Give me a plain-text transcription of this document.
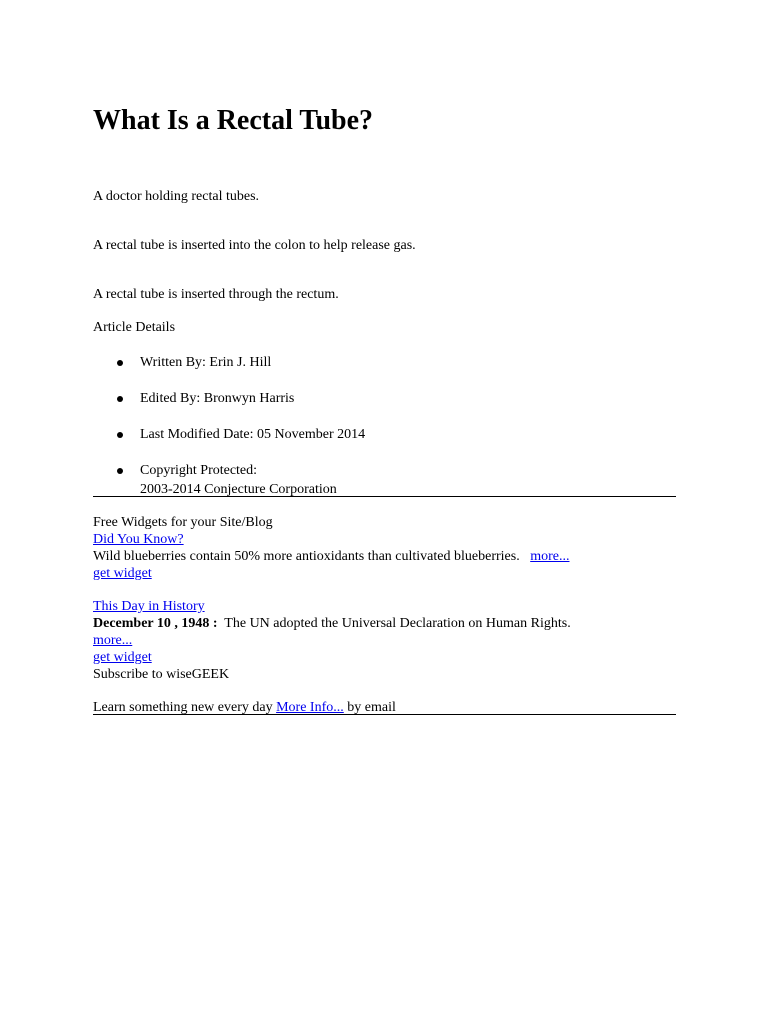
What Is a Rectal Tube?
A doctor holding rectal tubes.
A rectal tube is inserted into the colon to help release gas.
A rectal tube is inserted through the rectum.
Article Details
Written By: Erin J. Hill
Edited By: Bronwyn Harris
Last Modified Date: 05 November 2014
Copyright Protected:
2003-2014 Conjecture Corporation
Free Widgets for your Site/Blog
Did You Know?
Wild blueberries contain 50% more antioxidants than cultivated blueberries. more...
get widget
This Day in History
December 10 , 1948 : The UN adopted the Universal Declaration on Human Rights.
more...
get widget
Subscribe to wiseGEEK
Learn something new every day More Info... by email
